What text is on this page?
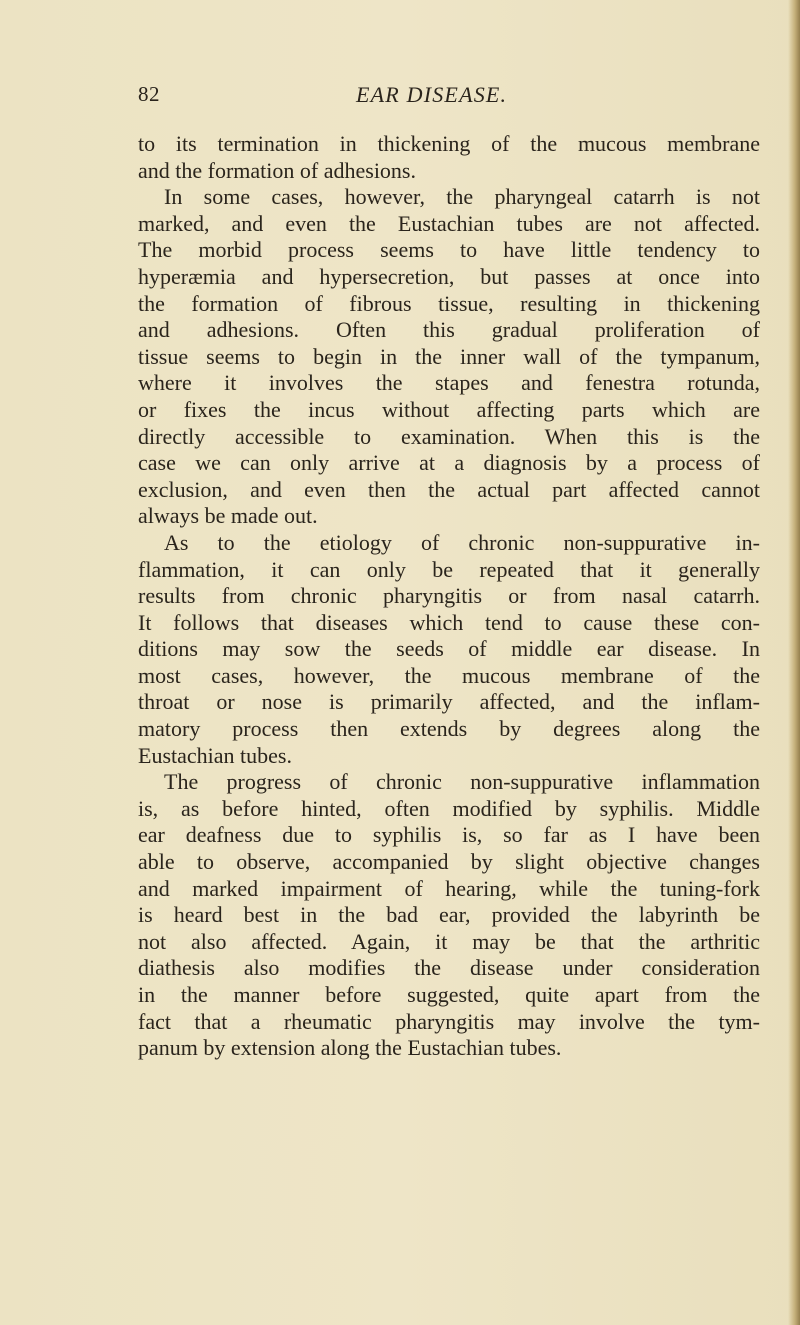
82	EAR DISEASE.
to its termination in thickening of the mucous membrane
and the formation of adhesions.
In some cases, however, the pharyngeal catarrh is not
marked, and even the Eustachian tubes are not affected.
The morbid process seems to have little tendency to
hyperæmia and hypersecretion, but passes at once into
the formation of fibrous tissue, resulting in thickening
and adhesions. Often this gradual proliferation of
tissue seems to begin in the inner wall of the tympanum,
where it involves the stapes and fenestra rotunda,
or fixes the incus without affecting parts which are
directly accessible to examination. When this is the
case we can only arrive at a diagnosis by a process of
exclusion, and even then the actual part affected cannot
always be made out.
As to the etiology of chronic non-suppurative in-
flammation, it can only be repeated that it generally
results from chronic pharyngitis or from nasal catarrh.
It follows that diseases which tend to cause these con-
ditions may sow the seeds of middle ear disease. In
most cases, however, the mucous membrane of the
throat or nose is primarily affected, and the inflam-
matory process then extends by degrees along the
Eustachian tubes.
The progress of chronic non-suppurative inflammation
is, as before hinted, often modified by syphilis. Middle
ear deafness due to syphilis is, so far as I have been
able to observe, accompanied by slight objective changes
and marked impairment of hearing, while the tuning-fork
is heard best in the bad ear, provided the labyrinth be
not also affected. Again, it may be that the arthritic
diathesis also modifies the disease under consideration
in the manner before suggested, quite apart from the
fact that a rheumatic pharyngitis may involve the tym-
panum by extension along the Eustachian tubes.
